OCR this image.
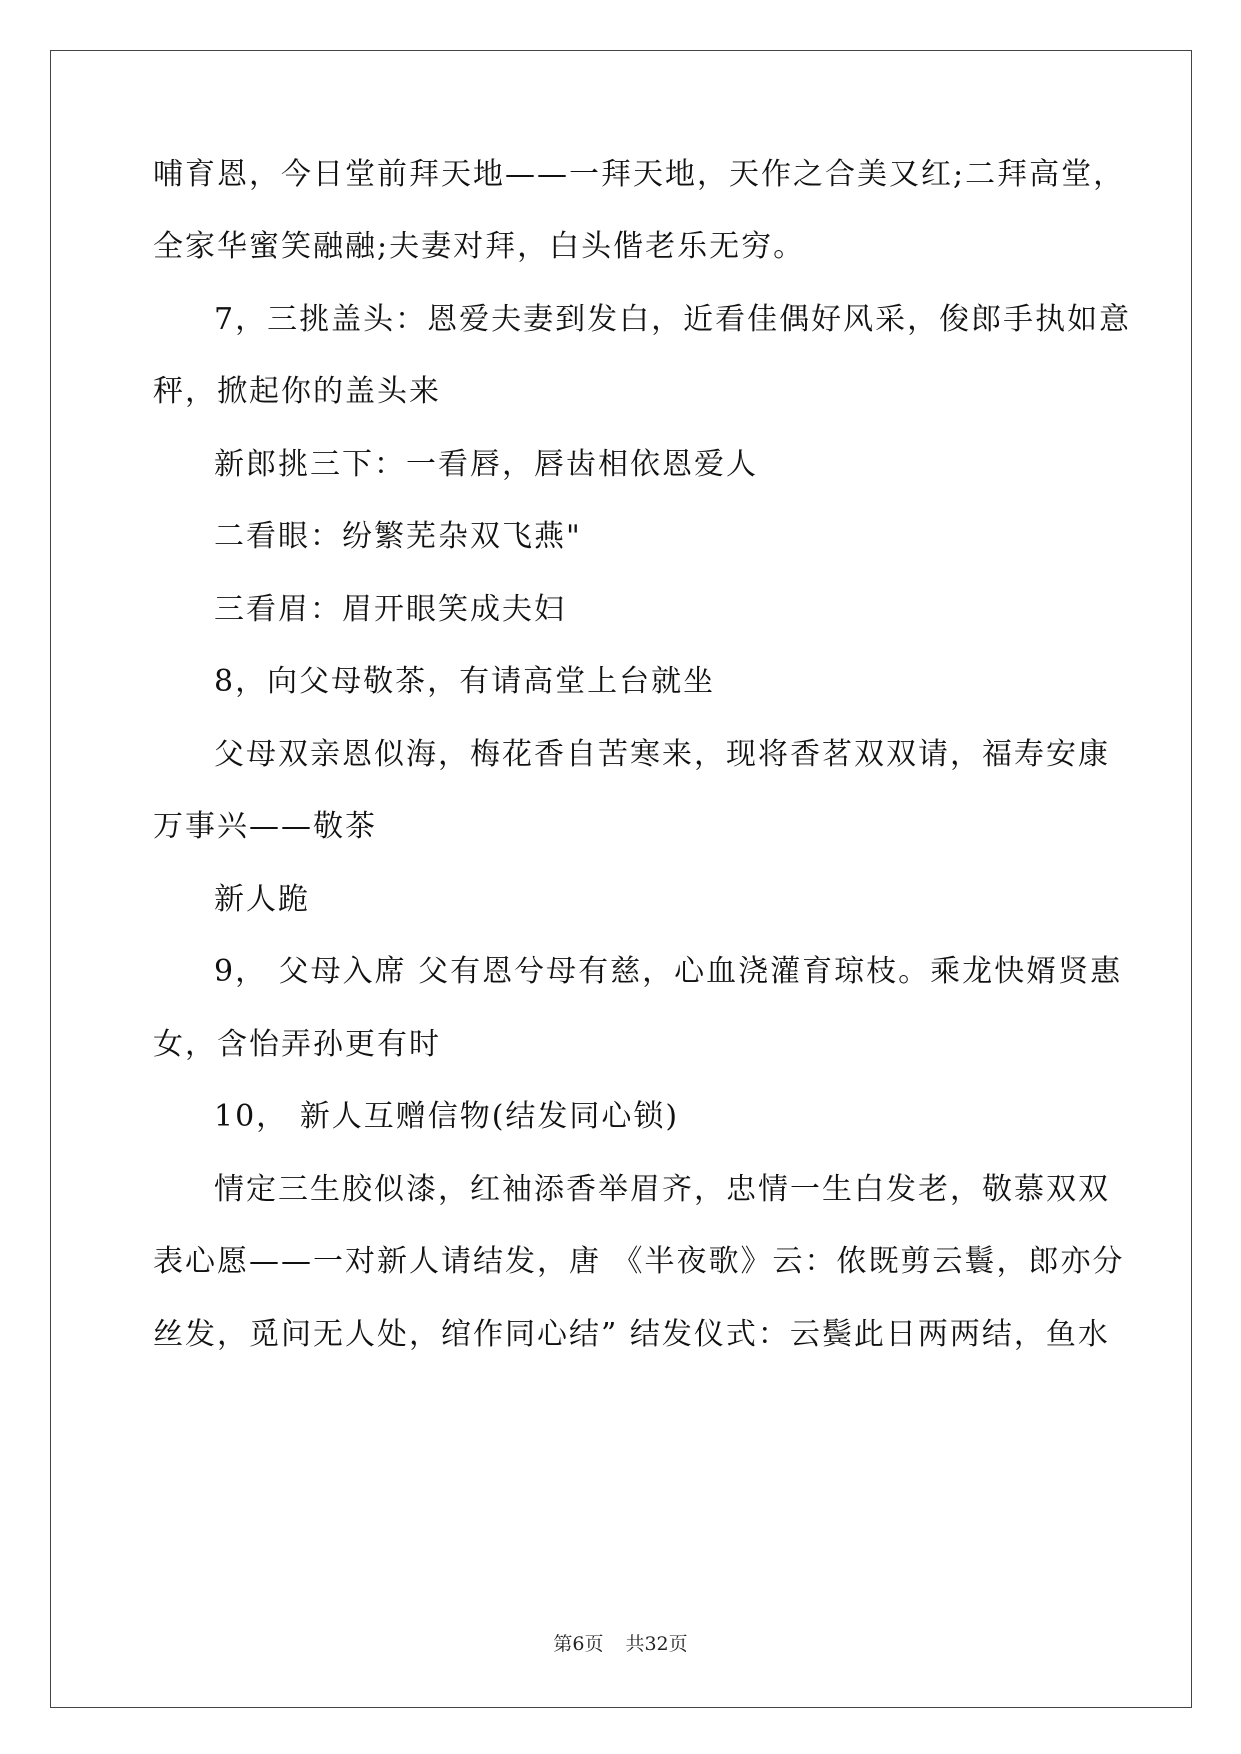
哺育恩，今日堂前拜天地——一拜天地，天作之合美又红;二拜高堂，
全家华蜜笑融融;夫妻对拜，白头偕老乐无穷。
7，三挑盖头：恩爱夫妻到发白，近看佳偶好风采，俊郎手执如意
秤，掀起你的盖头来
新郎挑三下：一看唇，唇齿相依恩爱人
二看眼：纷繁芜杂双飞燕"
三看眉：眉开眼笑成夫妇
8，向父母敬茶，有请高堂上台就坐
父母双亲恩似海，梅花香自苦寒来，现将香茗双双请，福寿安康
万事兴——敬茶
新人跪
9， 父母入席 父有恩兮母有慈，心血浇灌育琼枝。乘龙快婿贤惠
女，含怡弄孙更有时
10， 新人互赠信物(结发同心锁)
情定三生胶似漆，红袖添香举眉齐，忠情一生白发老，敬慕双双
表心愿——一对新人请结发，唐 《半夜歌》云：侬既剪云鬟，郎亦分
丝发，觅问无人处，绾作同心结” 结发仪式：云鬓此日两两结，鱼水
第6页 共32页
